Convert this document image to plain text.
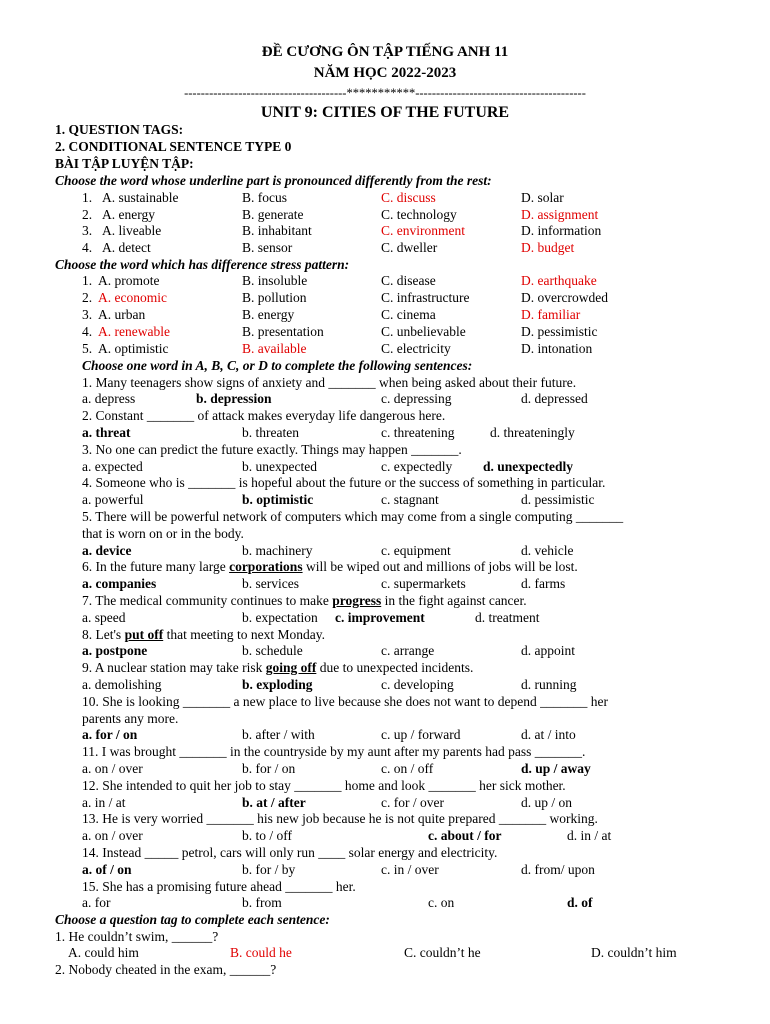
ĐỀ CƯƠNG ÔN TẬP TIẾNG ANH 11
NĂM HỌC 2022-2023
---------------------------------------***********-----------------------------------------
UNIT 9: CITIES OF THE FUTURE
1. QUESTION TAGS:
2. CONDITIONAL SENTENCE TYPE 0
BÀI TẬP LUYỆN TẬP:
Choose the word whose underline part is pronounced differently from the rest:
1. A. sustainable	B. focus	C. discuss	D. solar
2. A. energy	B. generate	C. technology	D. assignment
3. A. liveable	B. inhabitant	C. environment	D. information
4. A. detect	B. sensor	C. dweller	D. budget
Choose the word which has difference stress pattern:
1. A. promote	B. insoluble	C. disease	D. earthquake
2. A. economic	B. pollution	C. infrastructure	D. overcrowded
3. A. urban	B. energy	C. cinema	D. familiar
4. A. renewable	B. presentation	C. unbelievable	D. pessimistic
5. A. optimistic	B. available	C. electricity	D. intonation
Choose one word in A, B, C, or D to complete the following sentences:
1. Many teenagers show signs of anxiety and _______ when being asked about their future.
a. depress	b. depression	c. depressing	d. depressed
2. Constant _______ of attack makes everyday life dangerous here.
a. threat	b. threaten	c. threatening	d. threateningly
3. No one can predict the future exactly. Things may happen _______.
a. expected	b. unexpected	c. expectedly d. unexpectedly
4. Someone who is _______ is hopeful about the future or the success of something in particular.
a. powerful	b. optimistic	c. stagnant	d. pessimistic
5. There will be powerful network of computers which may come from a single computing _______
that is worn on or in the body.
a. device	b. machinery	c. equipment	d. vehicle
6. In the future many large corporations will be wiped out and millions of jobs will be lost.
a. companies	b. services	c. supermarkets	d. farms
7. The medical community continues to make progress in the fight against cancer.
a. speed	b. expectation c. improvement	d. treatment
8. Let's put off that meeting to next Monday.
a. postpone	b. schedule	c. arrange	d. appoint
9. A nuclear station may take risk going off due to unexpected incidents.
a. demolishing	b. exploding	c. developing	d. running
10. She is looking _______ a new place to live because she does not want to depend _______ her
parents any more.
a. for / on	b. after / with	c. up / forward	d. at / into
11. I was brought _______ in the countryside by my aunt after my parents had pass _______.
a. on / over	b. for / on	c. on / off	d. up / away
12. She intended to quit her job to stay _______ home and look _______ her sick mother.
a. in / at	b. at / after	c. for / over	d. up / on
13. He is very worried _______ his new job because he is not quite prepared _______ working.
a. on / over	b. to / off	c. about / for	d. in / at
14. Instead _____ petrol, cars will only run ____ solar energy and electricity.
a. of / on	b. for / by	c. in / over	d. from/ upon
15. She has a promising future ahead _______ her.
a. for	b. from	c. on	d. of
Choose a question tag to complete each sentence:
1. He couldn’t swim, ______?
A. could him	B. could he	C. couldn’t he	D. couldn’t him
2. Nobody cheated in the exam, ______?
